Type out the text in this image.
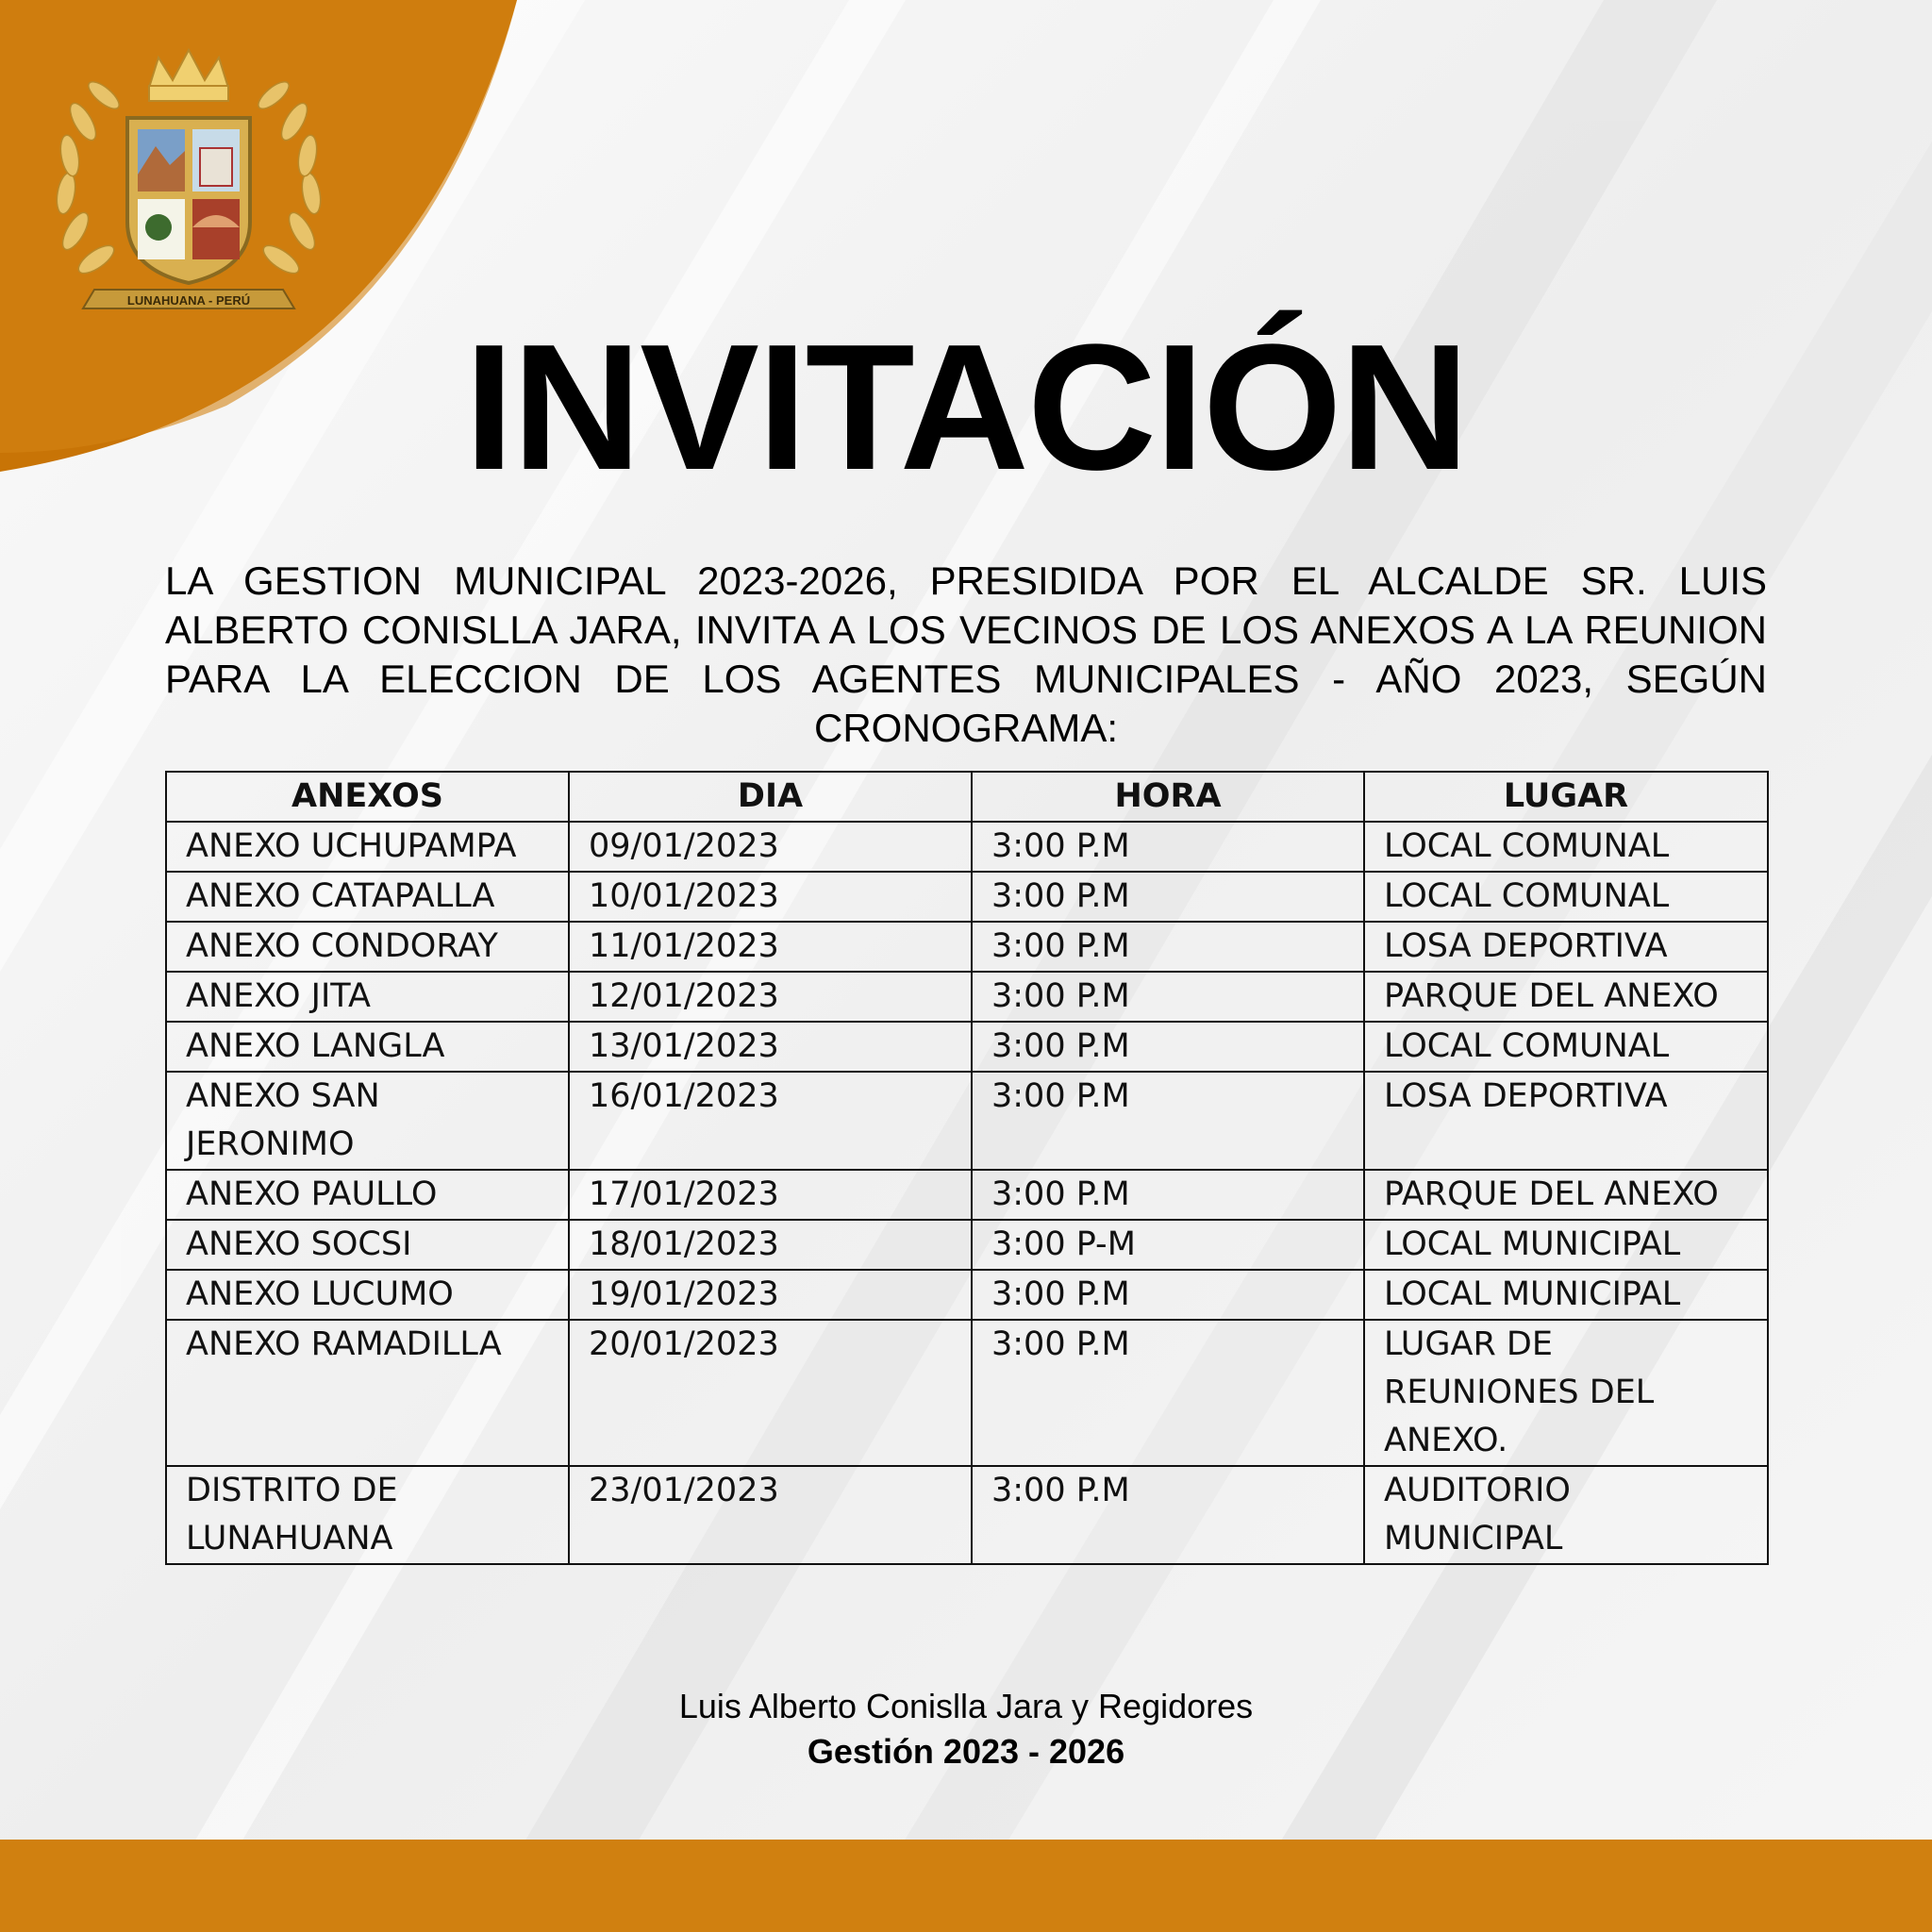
LUNAHUANA - PERÚ
INVITACIÓN

LA GESTION MUNICIPAL 2023-2026, PRESIDIDA POR EL ALCALDE SR. LUIS ALBERTO CONISLLA JARA, INVITA A LOS VECINOS DE LOS ANEXOS A LA REUNION PARA LA ELECCION DE LOS AGENTES MUNICIPALES - AÑO 2023, SEGÚN CRONOGRAMA:

ANEXOS	DIA	HORA	LUGAR
ANEXO UCHUPAMPA	09/01/2023	3:00 P.M	LOCAL COMUNAL
ANEXO CATAPALLA	10/01/2023	3:00 P.M	LOCAL COMUNAL
ANEXO CONDORAY	11/01/2023	3:00 P.M	LOSA DEPORTIVA
ANEXO JITA	12/01/2023	3:00 P.M	PARQUE DEL ANEXO
ANEXO LANGLA	13/01/2023	3:00 P.M	LOCAL COMUNAL
ANEXO SAN JERONIMO	16/01/2023	3:00 P.M	LOSA DEPORTIVA
ANEXO PAULLO	17/01/2023	3:00 P.M	PARQUE DEL ANEXO
ANEXO SOCSI	18/01/2023	3:00 P-M	LOCAL MUNICIPAL
ANEXO LUCUMO	19/01/2023	3:00 P.M	LOCAL MUNICIPAL
ANEXO RAMADILLA	20/01/2023	3:00 P.M	LUGAR DE REUNIONES DEL ANEXO.
DISTRITO DE LUNAHUANA	23/01/2023	3:00 P.M	AUDITORIO MUNICIPAL
Luis Alberto Conislla Jara y Regidores
Gestión 2023 - 2026
